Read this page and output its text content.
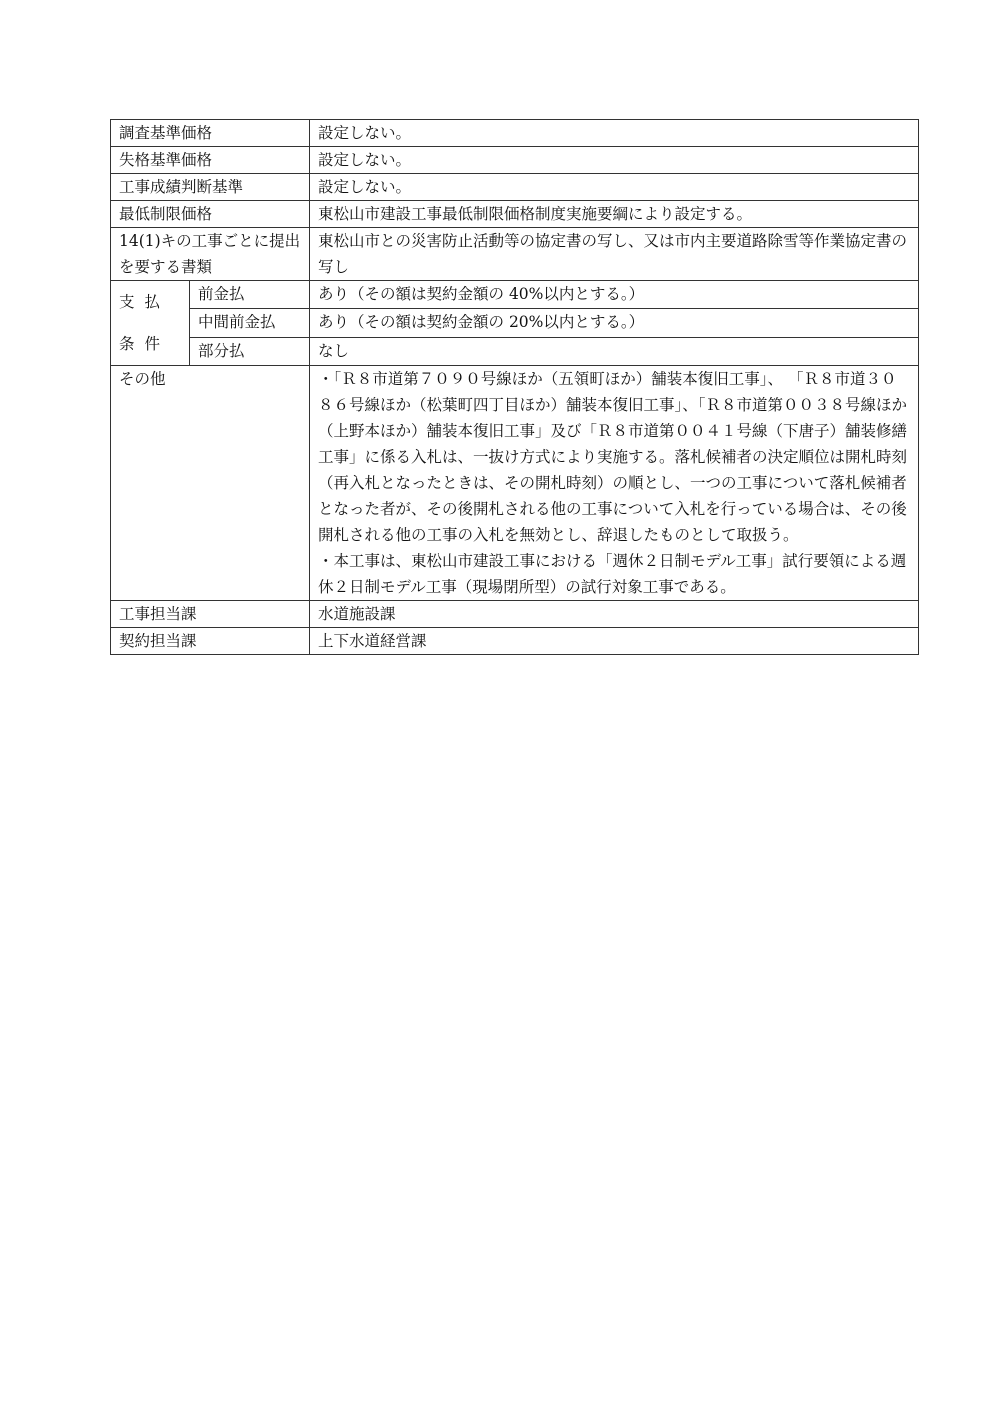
調査基準価格		設定しない。
失格基準価格		設定しない。
工事成績判断基準		設定しない。
最低制限価格		東松山市建設工事最低制限価格制度実施要綱により設定する。
14(1)キの工事ごとに提出を要する書類		東松山市との災害防止活動等の協定書の写し、又は市内主要道路除雪等作業協定書の写し
支払条件	前金払	あり（その額は契約金額の 40%以内とする。）
	中間前金払	あり（その額は契約金額の 20%以内とする。）
	部分払	なし
その他		・「Ｒ８市道第７０９０号線ほか（五領町ほか）舗装本復旧工事」、 「Ｒ８市道３０８６号線ほか（松葉町四丁目ほか）舗装本復旧工事」、「Ｒ８市道第００３８号線ほか（上野本ほか）舗装本復旧工事」及び「Ｒ８市道第００４１号線（下唐子）舗装修繕工事」に係る入札は、一抜け方式により実施する。落札候補者の決定順位は開札時刻（再入札となったときは、その開札時刻）の順とし、一つの工事について落札候補者となった者が、その後開札される他の工事について入札を行っている場合は、その後開札される他の工事の入札を無効とし、辞退したものとして取扱う。
・本工事は、東松山市建設工事における「週休２日制モデル工事」試行要領による週休２日制モデル工事（現場閉所型）の試行対象工事である。

工事担当課		水道施設課
契約担当課		上下水道経営課
